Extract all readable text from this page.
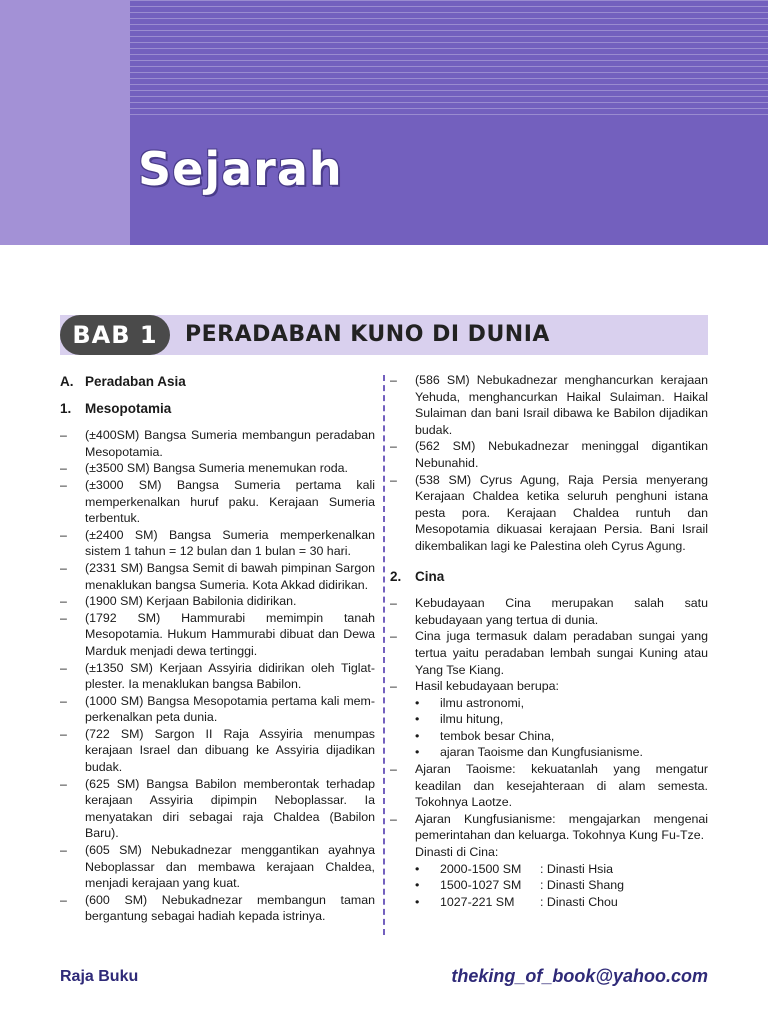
Sejarah
BAB 1	PERADABAN KUNO DI DUNIA
A. Peradaban Asia
1.	Mesopotamia
– (±400SM) Bangsa Sumeria membangun peradaban Mesopotamia.
– (±3500 SM) Bangsa Sumeria menemukan roda.
– (±3000 SM) Bangsa Sumeria pertama kali memperkenalkan huruf paku. Kerajaan Sumeria terbentuk.
– (±2400 SM) Bangsa Sumeria memperkenalkan sistem 1 tahun = 12 bulan dan 1 bulan = 30 hari.
– (2331 SM) Bangsa Semit di bawah pimpinan Sargon menaklukan bangsa Sumeria. Kota Akkad didirikan.
– (1900 SM) Kerjaan Babilonia didirikan.
– (1792 SM) Hammurabi memimpin tanah Mesopotamia. Hukum Hammurabi dibuat dan Dewa Marduk menjadi dewa tertinggi.
– (±1350 SM) Kerjaan Assyiria didirikan oleh Tiglat-plester. Ia menaklukan bangsa Babilon.
– (1000 SM) Bangsa Mesopotamia pertama kali mem-perkenalkan peta dunia.
– (722 SM) Sargon II Raja Assyiria menumpas kerajaan Israel dan dibuang ke Assyiria dijadikan budak.
– (625 SM) Bangsa Babilon memberontak terhadap kerajaan Assyiria dipimpin Neboplassar. Ia menyatakan diri sebagai raja Chaldea (Babilon Baru).
– (605 SM) Nebukadnezar menggantikan ayahnya Neboplassar dan membawa kerajaan Chaldea, menjadi kerajaan yang kuat.
– (600 SM) Nebukadnezar membangun taman bergantung sebagai hadiah kepada istrinya.
– (586 SM) Nebukadnezar menghancurkan kerajaan Yehuda, menghancurkan Haikal Sulaiman. Haikal Sulaiman dan bani Israil dibawa ke Babilon dijadikan budak.
– (562 SM) Nebukadnezar meninggal digantikan Nebunahid.
– (538 SM) Cyrus Agung, Raja Persia menyerang Kerajaan Chaldea ketika seluruh penghuni istana pesta pora. Kerajaan Chaldea runtuh dan Mesopotamia dikuasai kerajaan Persia. Bani Israil dikembalikan lagi ke Palestina oleh Cyrus Agung.
2.	Cina
– Kebudayaan Cina merupakan salah satu kebudayaan yang tertua di dunia.
– Cina juga termasuk dalam peradaban sungai yang tertua yaitu peradaban lembah sungai Kuning atau Yang Tse Kiang.
– Hasil kebudayaan berupa:
• ilmu astronomi,
• ilmu hitung,
• tembok besar China,
• ajaran Taoisme dan Kungfusianisme.
– Ajaran Taoisme: kekuatanlah yang mengatur keadilan dan kesejahteraan di alam semesta. Tokohnya Laotze.
– Ajaran Kungfusianisme: mengajarkan mengenai pemerintahan dan keluarga. Tokohnya Kung Fu-Tze.
Dinasti di Cina:
• 2000-1500 SM	: Dinasti Hsia
• 1500-1027 SM	: Dinasti Shang
• 1027-221 SM	: Dinasti Chou
Raja Buku	theking_of_book@yahoo.com
